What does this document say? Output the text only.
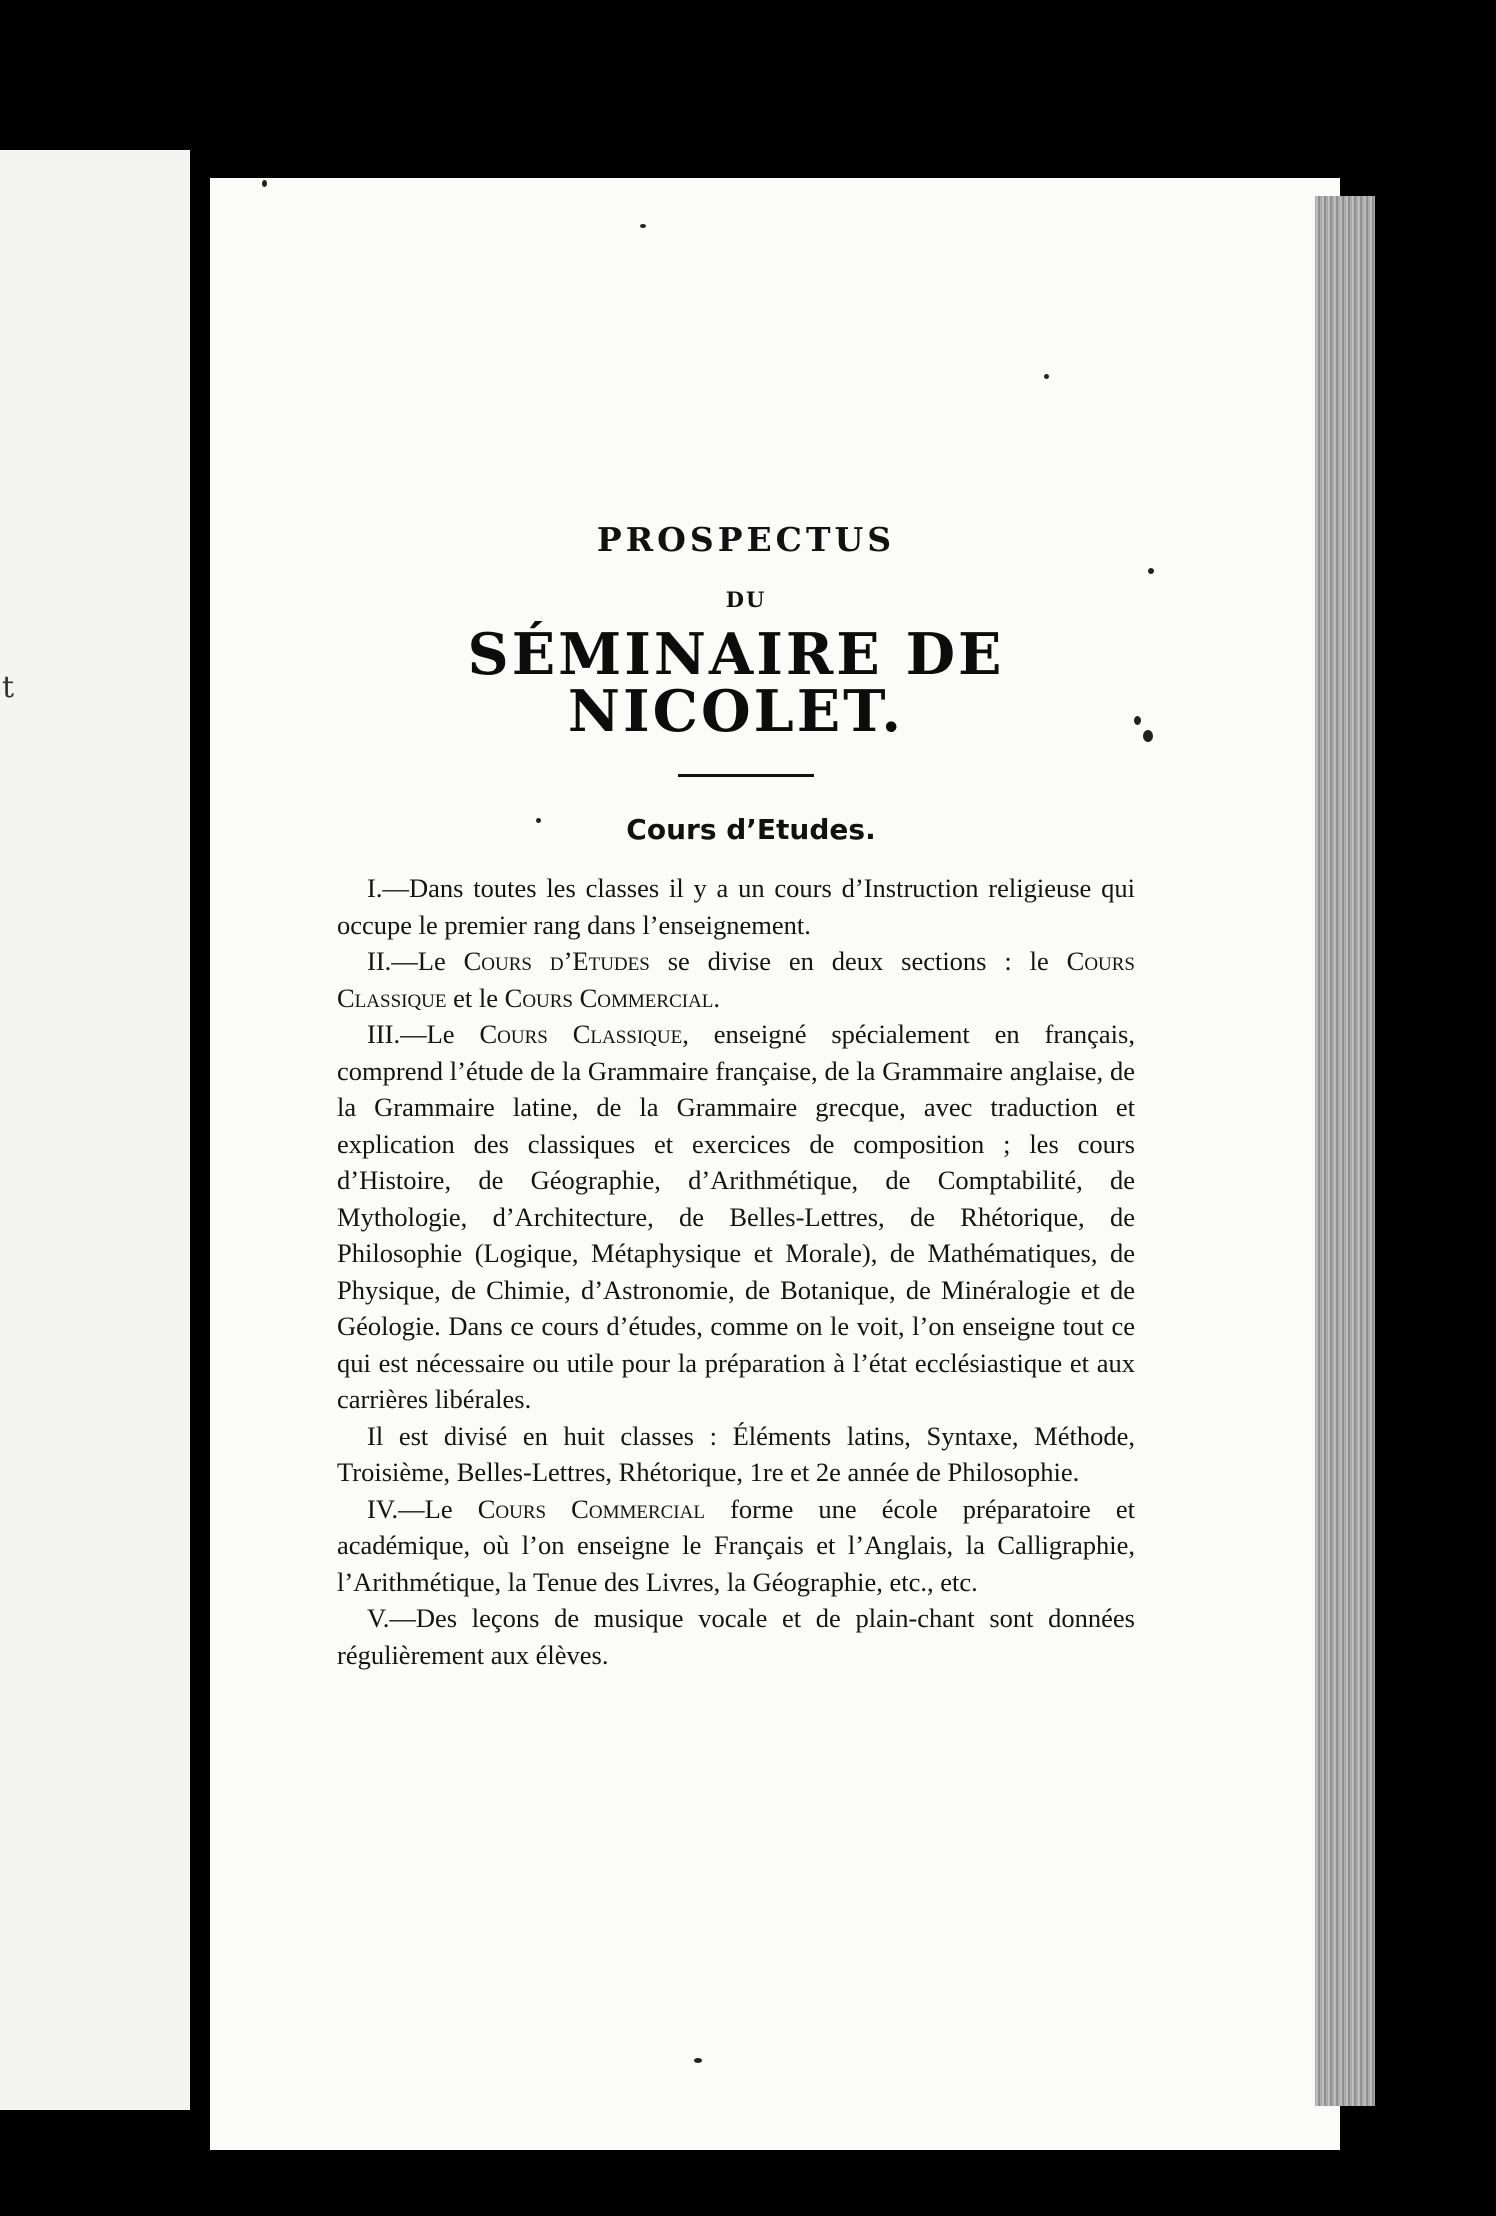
t
PROSPECTUS
DU
SÉMINAIRE DE NICOLET.
Cours d’Etudes.

I.—Dans toutes les classes il y a un cours d’Instruction religieuse qui occupe le premier rang dans l’enseignement.

II.—Le Cours d’Etudes se divise en deux sections : le Cours Classique et le Cours Commercial.

III.—Le Cours Classique, enseigné spécialement en français, comprend l’étude de la Grammaire française, de la Grammaire anglaise, de la Grammaire latine, de la Grammaire grecque, avec traduction et explication des classiques et exercices de composition ; les cours d’Histoire, de Géographie, d’Arithmétique, de Comptabilité, de Mythologie, d’Architecture, de Belles-Lettres, de Rhétorique, de Philosophie (Logique, Métaphysique et Morale), de Mathématiques, de Physique, de Chimie, d’Astronomie, de Botanique, de Minéralogie et de Géologie. Dans ce cours d’études, comme on le voit, l’on enseigne tout ce qui est nécessaire ou utile pour la préparation à l’état ecclésiastique et aux carrières libérales.

Il est divisé en huit classes : Éléments latins, Syntaxe, Méthode, Troisième, Belles-Lettres, Rhétorique, 1re et 2e année de Philosophie.

IV.—Le Cours Commercial forme une école préparatoire et académique, où l’on enseigne le Français et l’Anglais, la Calligraphie, l’Arithmétique, la Tenue des Livres, la Géographie, etc., etc.

V.—Des leçons de musique vocale et de plain-chant sont données régulièrement aux élèves.
